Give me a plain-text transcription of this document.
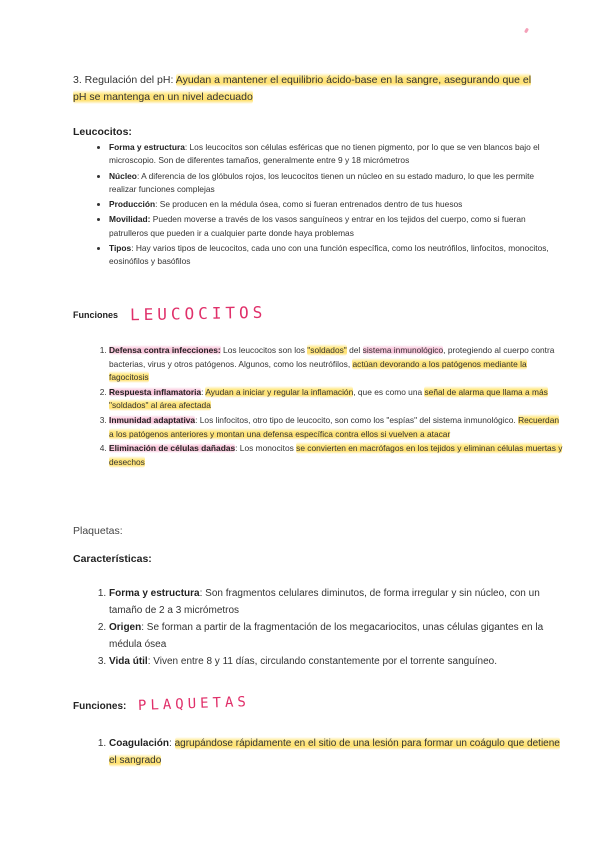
3. Regulación del pH: Ayudan a mantener el equilibrio ácido-base en la sangre, asegurando que el pH se mantenga en un nivel adecuado
Leucocitos:
• Forma y estructura: Los leucocitos son células esféricas que no tienen pigmento, por lo que se ven blancos bajo el microscopio. Son de diferentes tamaños, generalmente entre 9 y 18 micrómetros
• Núcleo: A diferencia de los glóbulos rojos, los leucocitos tienen un núcleo en su estado maduro, lo que les permite realizar funciones complejas
• Producción: Se producen en la médula ósea, como si fueran entrenados dentro de tus huesos
• Movilidad: Pueden moverse a través de los vasos sanguíneos y entrar en los tejidos del cuerpo, como si fueran patrulleros que pueden ir a cualquier parte donde haya problemas
• Tipos: Hay varios tipos de leucocitos, cada uno con una función específica, como los neutrófilos, linfocitos, monocitos, eosinófilos y basófilos
Funciones LEUCOCITOS
1. Defensa contra infecciones: Los leucocitos son los "soldados" del sistema inmunológico, protegiendo al cuerpo contra bacterias, virus y otros patógenos. Algunos, como los neutrófilos, actúan devorando a los patógenos mediante la fagocitosis
2. Respuesta inflamatoria: Ayudan a iniciar y regular la inflamación, que es como una señal de alarma que llama a más "soldados" al área afectada
3. Inmunidad adaptativa: Los linfocitos, otro tipo de leucocito, son como los "espías" del sistema inmunológico. Recuerdan a los patógenos anteriores y montan una defensa específica contra ellos si vuelven a atacar
4. Eliminación de células dañadas: Los monocitos se convierten en macrófagos en los tejidos y eliminan células muertas y desechos
Plaquetas:
Características:
1. Forma y estructura: Son fragmentos celulares diminutos, de forma irregular y sin núcleo, con un tamaño de 2 a 3 micrómetros
2. Origen: Se forman a partir de la fragmentación de los megacariocitos, unas células gigantes en la médula ósea
3. Vida útil: Viven entre 8 y 11 días, circulando constantemente por el torrente sanguíneo.
Funciones: PLAQUETAS
1. Coagulación: agrupándose rápidamente en el sitio de una lesión para formar un coágulo que detiene el sangrado
